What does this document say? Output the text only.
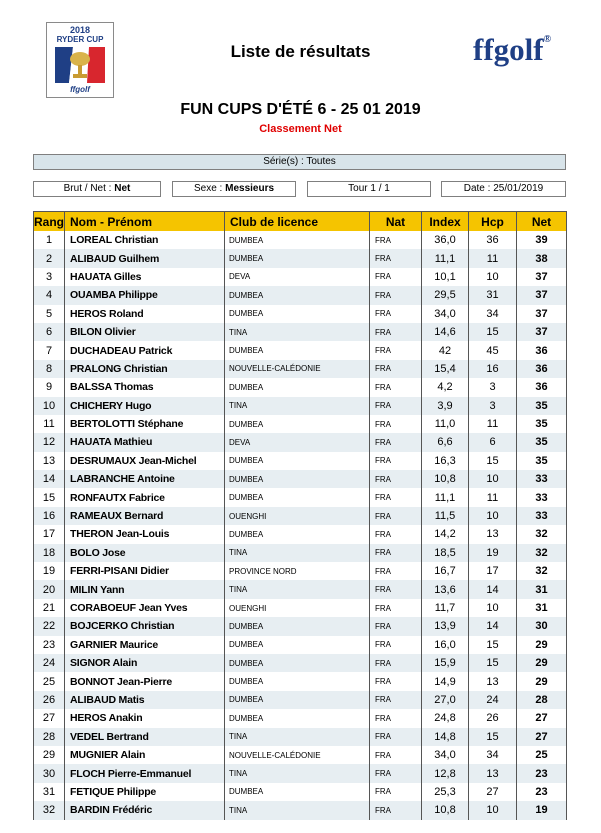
2018
RYDER CUP
ffgolf
ffgolf®
Liste de résultats
FUN CUPS D'ÉTÉ 6 - 25 01 2019
Classement Net
Série(s) : Toutes
Brut / Net : Net	Sexe : Messieurs	Tour 1 / 1	Date : 25/01/2019
Rang	Nom - Prénom	Club de licence	Nat	Index	Hcp	Net
1	LOREAL Christian	DUMBEA	FRA	36,0	36	39
2	ALIBAUD Guilhem	DUMBEA	FRA	11,1	11	38
3	HAUATA Gilles	DEVA	FRA	10,1	10	37
4	OUAMBA Philippe	DUMBEA	FRA	29,5	31	37
5	HEROS Roland	DUMBEA	FRA	34,0	34	37
6	BILON Olivier	TINA	FRA	14,6	15	37
7	DUCHADEAU Patrick	DUMBEA	FRA	42	45	36
8	PRALONG Christian	NOUVELLE-CALÉDONIE	FRA	15,4	16	36
9	BALSSA Thomas	DUMBEA	FRA	4,2	3	36
10	CHICHERY Hugo	TINA	FRA	3,9	3	35
11	BERTOLOTTI Stéphane	DUMBEA	FRA	11,0	11	35
12	HAUATA Mathieu	DEVA	FRA	6,6	6	35
13	DESRUMAUX Jean-Michel	DUMBEA	FRA	16,3	15	35
14	LABRANCHE Antoine	DUMBEA	FRA	10,8	10	33
15	RONFAUTX Fabrice	DUMBEA	FRA	11,1	11	33
16	RAMEAUX Bernard	OUENGHI	FRA	11,5	10	33
17	THERON Jean-Louis	DUMBEA	FRA	14,2	13	32
18	BOLO Jose	TINA	FRA	18,5	19	32
19	FERRI-PISANI Didier	PROVINCE NORD	FRA	16,7	17	32
20	MILIN Yann	TINA	FRA	13,6	14	31
21	CORABOEUF Jean Yves	OUENGHI	FRA	11,7	10	31
22	BOJCERKO Christian	DUMBEA	FRA	13,9	14	30
23	GARNIER Maurice	DUMBEA	FRA	16,0	15	29
24	SIGNOR Alain	DUMBEA	FRA	15,9	15	29
25	BONNOT Jean-Pierre	DUMBEA	FRA	14,9	13	29
26	ALIBAUD Matis	DUMBEA	FRA	27,0	24	28
27	HEROS Anakin	DUMBEA	FRA	24,8	26	27
28	VEDEL Bertrand	TINA	FRA	14,8	15	27
29	MUGNIER Alain	NOUVELLE-CALÉDONIE	FRA	34,0	34	25
30	FLOCH Pierre-Emmanuel	TINA	FRA	12,8	13	23
31	FETIQUE Philippe	DUMBEA	FRA	25,3	27	23
32	BARDIN Frédéric	TINA	FRA	10,8	10	19
